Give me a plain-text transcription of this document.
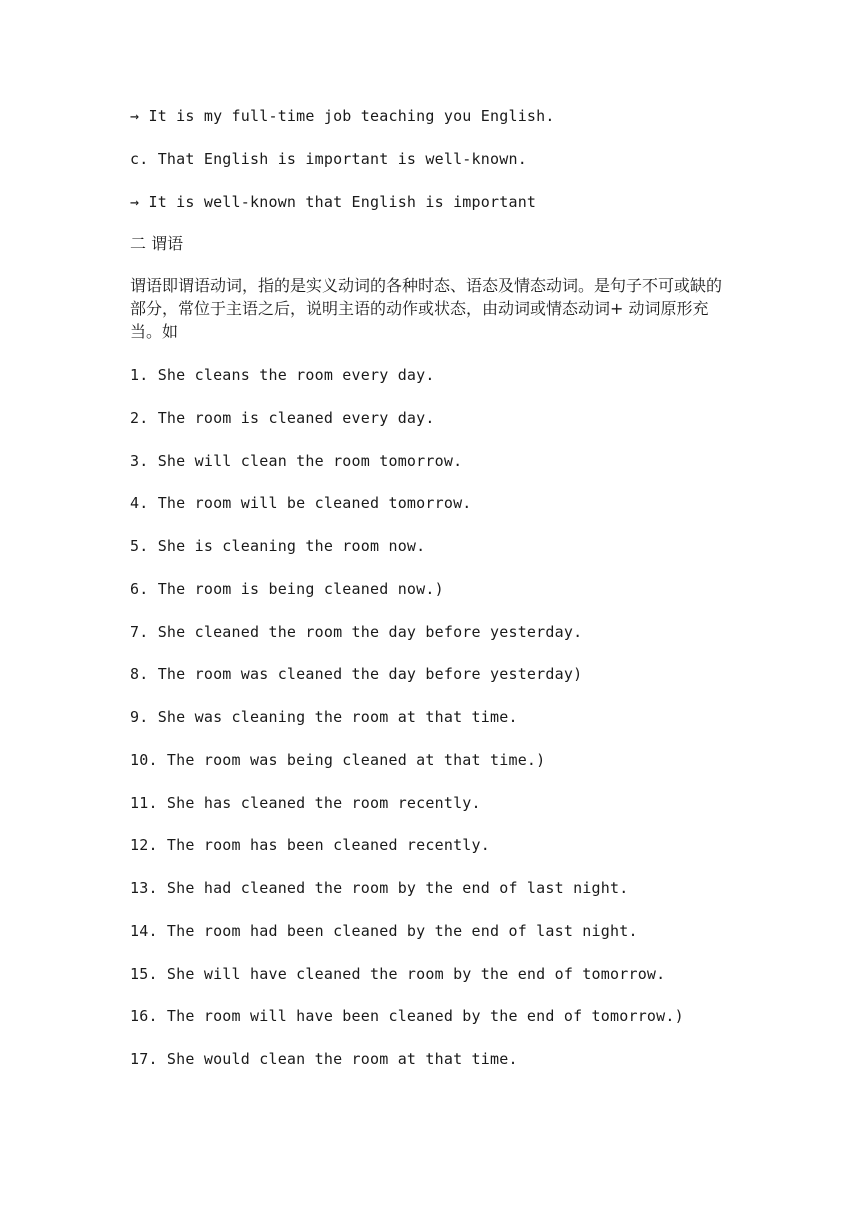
→ It is my full-time job teaching you English.
c. That English is important is well-known.
→ It is well-known that English is important
二 谓语
谓语即谓语动词，指的是实义动词的各种时态、语态及情态动词。是句子不可或缺的部分，常位于主语之后，说明主语的动作或状态，由动词或情态动词+ 动词原形充当。如
1. She cleans the room every day.
2. The room is cleaned every day.
3. She will clean the room tomorrow.
4. The room will be cleaned tomorrow.
5. She is cleaning the room now.
6. The room is being cleaned now.)
7. She cleaned the room the day before yesterday.
8. The room was cleaned the day before yesterday)
9. She was cleaning the room at that time.
10. The room was being cleaned at that time.)
11. She has cleaned the room recently.
12. The room has been cleaned recently.
13. She had cleaned the room by the end of last night.
14. The room had been cleaned by the end of last night.
15. She will have cleaned the room by the end of tomorrow.
16. The room will have been cleaned by the end of tomorrow.)
17. She would clean the room at that time.
